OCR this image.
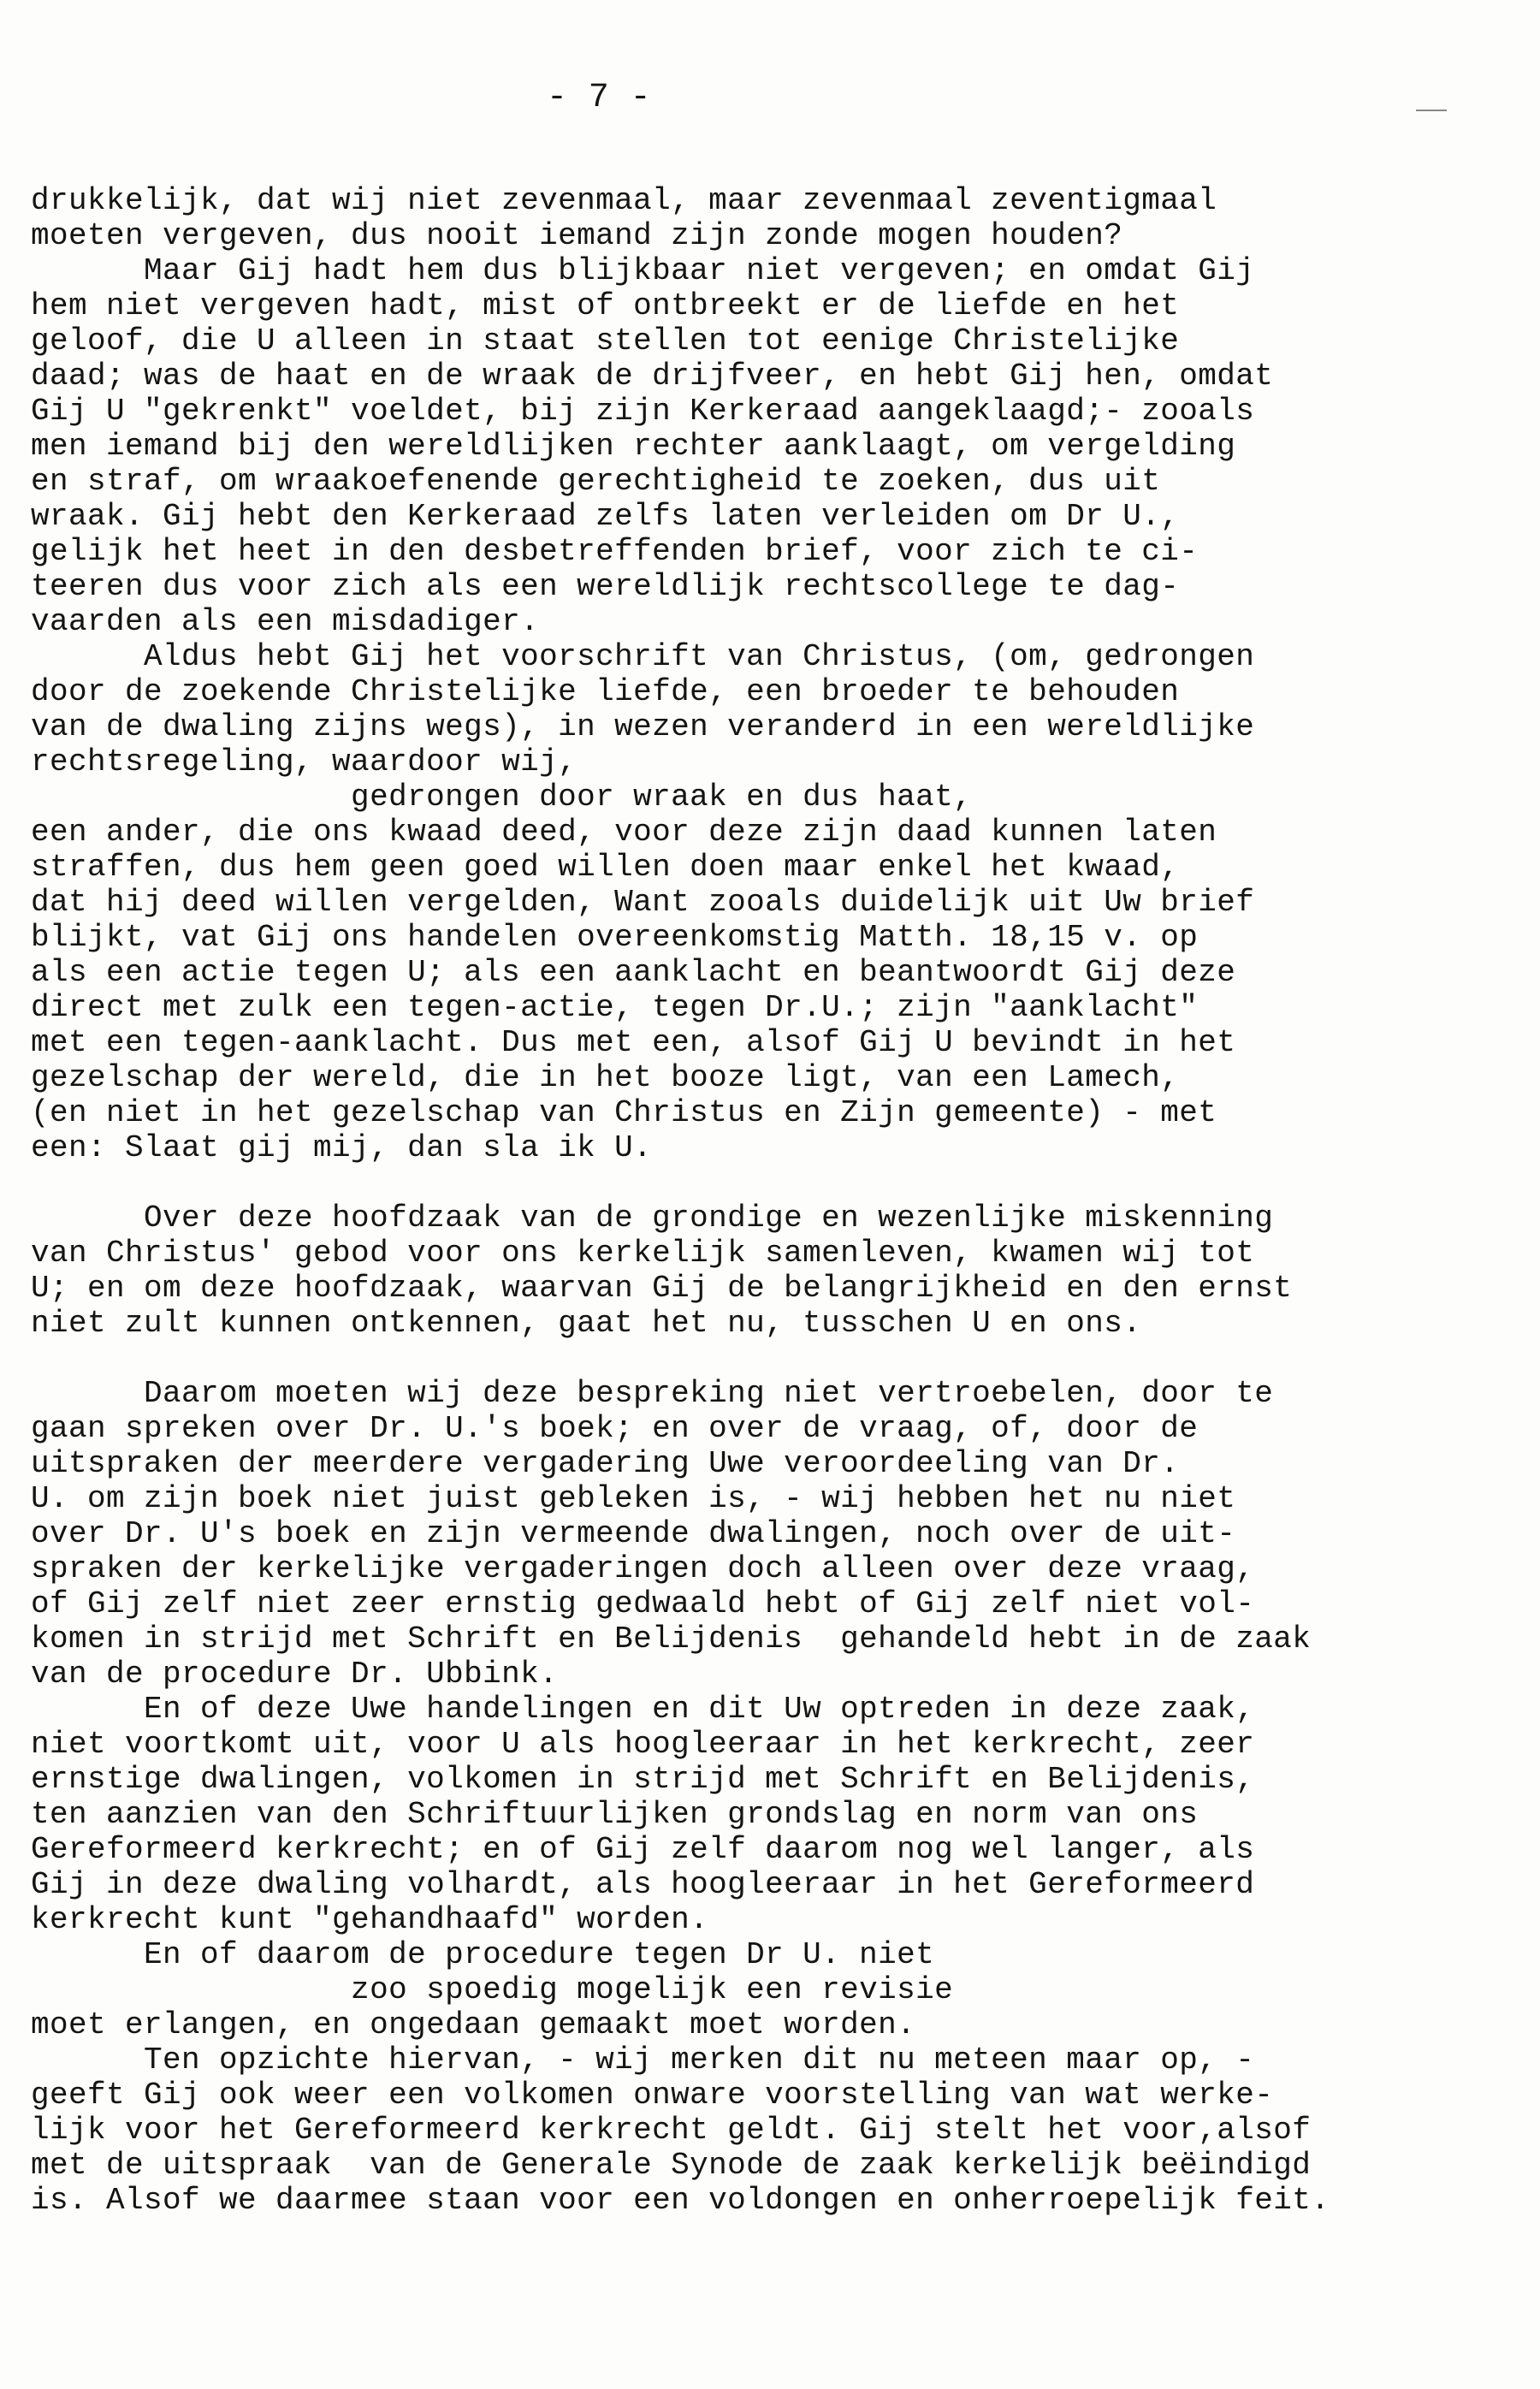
- 7 -
drukkelijk, dat wij niet zevenmaal, maar zevenmaal zeventigmaal
moeten vergeven, dus nooit iemand zijn zonde mogen houden?
Maar Gij hadt hem dus blijkbaar niet vergeven; en omdat Gij
hem niet vergeven hadt, mist of ontbreekt er de liefde en het
geloof, die U alleen in staat stellen tot eenige Christelijke
daad; was de haat en de wraak de drijfveer, en hebt Gij hen, omdat
Gij U "gekrenkt" voeldet, bij zijn Kerkeraad aangeklaagd;- zooals
men iemand bij den wereldlijken rechter aanklaagt, om vergelding
en straf, om wraakoefenende gerechtigheid te zoeken, dus uit
wraak. Gij hebt den Kerkeraad zelfs laten verleiden om Dr U.,
gelijk het heet in den desbetreffenden brief, voor zich te ci-
teeren dus voor zich als een wereldlijk rechtscollege te dag-
vaarden als een misdadiger.
Aldus hebt Gij het voorschrift van Christus, (om, gedrongen
door de zoekende Christelijke liefde, een broeder te behouden
van de dwaling zijns wegs), in wezen veranderd in een wereldlijke
rechtsregeling, waardoor wij,
gedrongen door wraak en dus haat,
een ander, die ons kwaad deed, voor deze zijn daad kunnen laten
straffen, dus hem geen goed willen doen maar enkel het kwaad,
dat hij deed willen vergelden, Want zooals duidelijk uit Uw brief
blijkt, vat Gij ons handelen overeenkomstig Matth. 18,15 v. op
als een actie tegen U; als een aanklacht en beantwoordt Gij deze
direct met zulk een tegen-actie, tegen Dr.U.; zijn "aanklacht"
met een tegen-aanklacht. Dus met een, alsof Gij U bevindt in het
gezelschap der wereld, die in het booze ligt, van een Lamech,
(en niet in het gezelschap van Christus en Zijn gemeente) - met
een: Slaat gij mij, dan sla ik U.
Over deze hoofdzaak van de grondige en wezenlijke miskenning
van Christus' gebod voor ons kerkelijk samenleven, kwamen wij tot
U; en om deze hoofdzaak, waarvan Gij de belangrijkheid en den ernst
niet zult kunnen ontkennen, gaat het nu, tusschen U en ons.
Daarom moeten wij deze bespreking niet vertroebelen, door te
gaan spreken over Dr. U.'s boek; en over de vraag, of, door de
uitspraken der meerdere vergadering Uwe veroordeeling van Dr.
U. om zijn boek niet juist gebleken is, - wij hebben het nu niet
over Dr. U's boek en zijn vermeende dwalingen, noch over de uit-
spraken der kerkelijke vergaderingen doch alleen over deze vraag,
of Gij zelf niet zeer ernstig gedwaald hebt of Gij zelf niet vol-
komen in strijd met Schrift en Belijdenis  gehandeld hebt in de zaak
van de procedure Dr. Ubbink.
En of deze Uwe handelingen en dit Uw optreden in deze zaak,
niet voortkomt uit, voor U als hoogleeraar in het kerkrecht, zeer
ernstige dwalingen, volkomen in strijd met Schrift en Belijdenis,
ten aanzien van den Schriftuurlijken grondslag en norm van ons
Gereformeerd kerkrecht; en of Gij zelf daarom nog wel langer, als
Gij in deze dwaling volhardt, als hoogleeraar in het Gereformeerd
kerkrecht kunt "gehandhaafd" worden.
En of daarom de procedure tegen Dr U. niet
zoo spoedig mogelijk een revisie
moet erlangen, en ongedaan gemaakt moet worden.
Ten opzichte hiervan, - wij merken dit nu meteen maar op, -
geeft Gij ook weer een volkomen onware voorstelling van wat werke-
lijk voor het Gereformeerd kerkrecht geldt. Gij stelt het voor,alsof
met de uitspraak  van de Generale Synode de zaak kerkelijk beëindigd
is. Alsof we daarmee staan voor een voldongen en onherroepelijk feit.
